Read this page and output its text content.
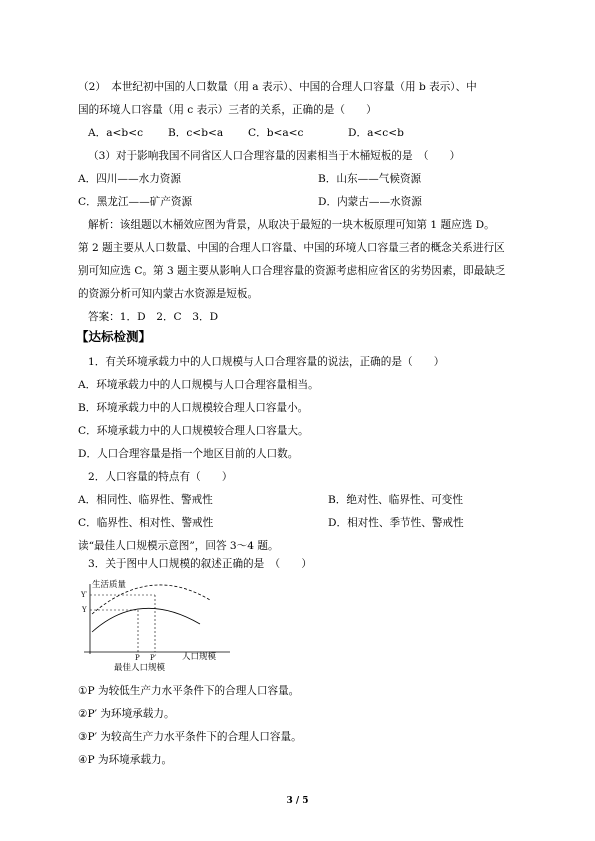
（2）　本世纪初中国的人口数量（用 a 表示）、中国的合理人口容量（用 b 表示）、中
国的环境人口容量（用 c 表示）三者的关系，正确的是（　　）
A．a<b<c B．c<b<a C．b<a<c	D．a<c<b
（3）对于影响我国不同省区人口合理容量的因素相当于木桶短板的是　（　　）
A．四川——水力资源	B．山东——气候资源
C．黑龙江——矿产资源	D．内蒙古——水资源
解析：该组题以木桶效应图为背景，从取决于最短的一块木板原理可知第 1 题应选 D。
第 2 题主要从人口数量、中国的合理人口容量、中国的环境人口容量三者的概念关系进行区
别可知应选 C。第 3 题主要从影响人口合理容量的资源考虑相应省区的劣势因素，即最缺乏
的资源分析可知内蒙古水资源是短板。
答案：1．D　2．C　3．D
【达标检测】
1．有关环境承载力中的人口规模与人口合理容量的说法，正确的是（　　）
A．环境承载力中的人口规模与人口合理容量相当。
B．环境承载力中的人口规模较合理人口容量小。
C．环境承载力中的人口规模较合理人口容量大。
D．人口合理容量是指一个地区目前的人口数。
2．人口容量的特点有（　　）
A．相同性、临界性、警戒性	B．绝对性、临界性、可变性
C．临界性、相对性、警戒性	D．相对性、季节性、警戒性
读“最佳人口规模示意图”，回答 3～4 题。
3．关于图中人口规模的叙述正确的是　（　　）
生活质量
Y′
Y
P P′	人口规模
最佳人口规模
①P 为较低生产力水平条件下的合理人口容量。
②P′ 为环境承载力。
③P′ 为较高生产力水平条件下的合理人口容量。
④P 为环境承载力。
3 / 5
